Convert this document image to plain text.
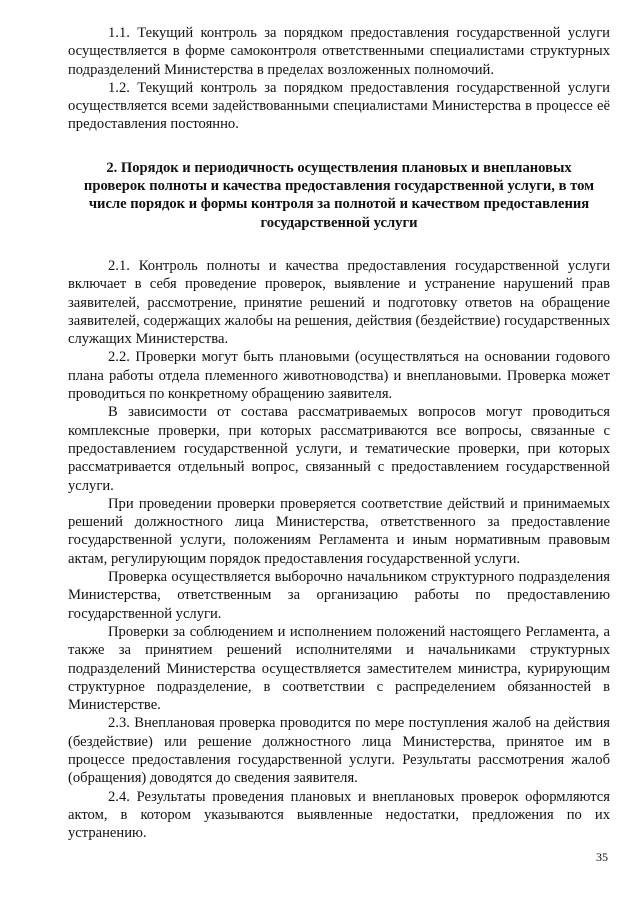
1.1. Текущий контроль за порядком предоставления государственной услуги осуществляется в форме самоконтроля ответственными специалистами структурных подразделений Министерства в пределах возложенных полномочий.

1.2. Текущий контроль за порядком предоставления государственной услуги осуществляется всеми задействованными специалистами Министерства в процессе её предоставления постоянно.

2. Порядок и периодичность осуществления плановых и внеплановых проверок полноты и качества предоставления государственной услуги, в том числе порядок и формы контроля за полнотой и качеством предоставления государственной услуги

2.1. Контроль полноты и качества предоставления государственной услуги включает в себя проведение проверок, выявление и устранение нарушений прав заявителей, рассмотрение, принятие решений и подготовку ответов на обращение заявителей, содержащих жалобы на решения, действия (бездействие) государственных служащих Министерства.

2.2. Проверки могут быть плановыми (осуществляться на основании годового плана работы отдела племенного животноводства) и внеплановыми. Проверка может проводиться по конкретному обращению заявителя.

В зависимости от состава рассматриваемых вопросов могут проводиться комплексные проверки, при которых рассматриваются все вопросы, связанные с предоставлением государственной услуги, и тематические проверки, при которых рассматривается отдельный вопрос, связанный с предоставлением государственной услуги.

При проведении проверки проверяется соответствие действий и принимаемых решений должностного лица Министерства, ответственного за предоставление государственной услуги, положениям Регламента и иным нормативным правовым актам, регулирующим порядок предоставления государственной услуги.

Проверка осуществляется выборочно начальником структурного подразделения Министерства, ответственным за организацию работы по предоставлению государственной услуги.

Проверки за соблюдением и исполнением положений настоящего Регламента, а также за принятием решений исполнителями и начальниками структурных подразделений Министерства осуществляется заместителем министра, курирующим структурное подразделение, в соответствии с распределением обязанностей в Министерстве.

2.3. Внеплановая проверка проводится по мере поступления жалоб на действия (бездействие) или решение должностного лица Министерства, принятое им в процессе предоставления государственной услуги. Результаты рассмотрения жалоб (обращения) доводятся до сведения заявителя.

2.4. Результаты проведения плановых и внеплановых проверок оформляются актом, в котором указываются выявленные недостатки, предложения по их устранению.

35
